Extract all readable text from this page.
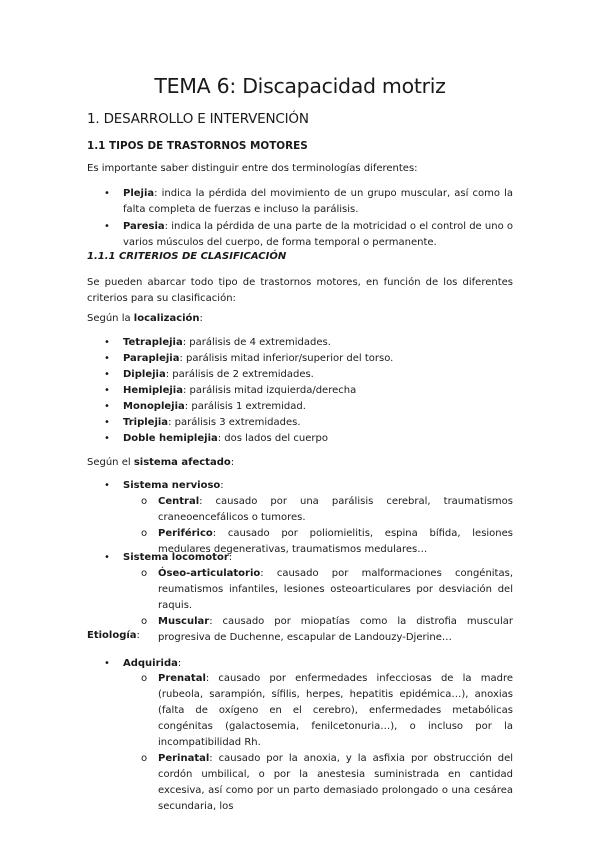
TEMA 6: Discapacidad motriz
1. DESARROLLO E INTERVENCIÓN
1.1 TIPOS DE TRASTORNOS MOTORES
Es importante saber distinguir entre dos terminologías diferentes:
• Plejia: indica la pérdida del movimiento de un grupo muscular, así como la falta completa de fuerzas e incluso la parálisis.
• Paresia: indica la pérdida de una parte de la motricidad o el control de uno o varios músculos del cuerpo, de forma temporal o permanente.
1.1.1 CRITERIOS DE CLASIFICACIÓN
Se pueden abarcar todo tipo de trastornos motores, en función de los diferentes criterios para su clasificación:
Según la localización:
• Tetraplejia: parálisis de 4 extremidades.
• Paraplejia: parálisis mitad inferior/superior del torso.
• Diplejia: parálisis de 2 extremidades.
• Hemiplejia: parálisis mitad izquierda/derecha
• Monoplejia: parálisis 1 extremidad.
• Triplejia: parálisis 3 extremidades.
• Doble hemiplejia: dos lados del cuerpo
Según el sistema afectado:
• Sistema nervioso:
o Central: causado por una parálisis cerebral, traumatismos craneoencefálicos o tumores.
o Periférico: causado por poliomielitis, espina bífida, lesiones medulares degenerativas, traumatismos medulares…
• Sistema locomotor:
o Óseo-articulatorio: causado por malformaciones congénitas, reumatismos infantiles, lesiones osteoarticulares por desviación del raquis.
o Muscular: causado por miopatías como la distrofia muscular progresiva de Duchenne, escapular de Landouzy-Djerine…
Etiología:
• Adquirida:
o Prenatal: causado por enfermedades infecciosas de la madre (rubeola, sarampión, sífilis, herpes, hepatitis epidémica…), anoxias (falta de oxígeno en el cerebro), enfermedades metabólicas congénitas (galactosemia, fenilcetonuria…), o incluso por la incompatibilidad Rh.
o Perinatal: causado por la anoxia, y la asfixia por obstrucción del cordón umbilical, o por la anestesia suministrada en cantidad excesiva, así como por un parto demasiado prolongado o una cesárea secundaria, los
